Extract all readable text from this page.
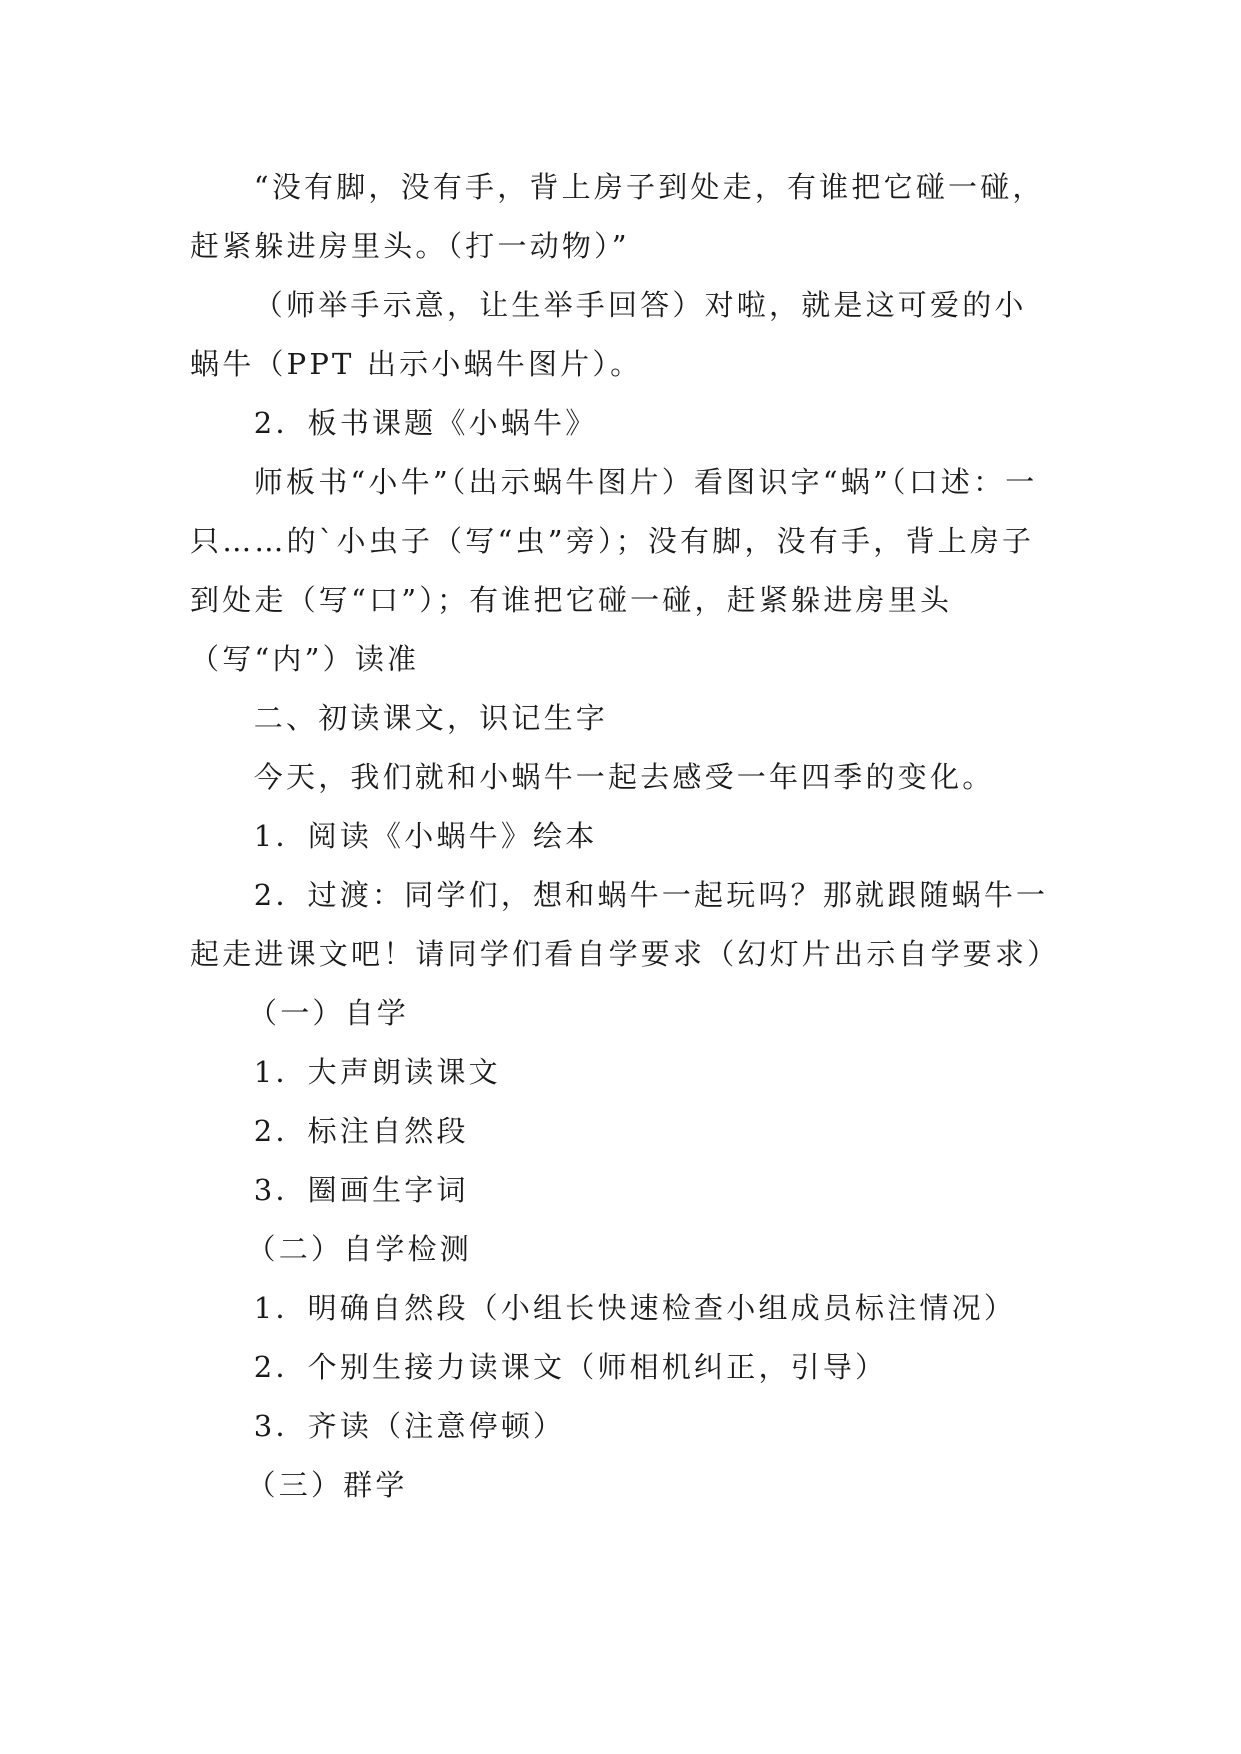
“没有脚，没有手，背上房子到处走，有谁把它碰一碰，赶紧躲进房里头。（打一动物）”

（师举手示意，让生举手回答）对啦，就是这可爱的小蜗牛（PPT 出示小蜗牛图片）。

2．板书课题《小蜗牛》

师板书“小牛”（出示蜗牛图片）看图识字“蜗”（口述：一只……的`小虫子（写“虫”旁）；没有脚，没有手，背上房子到处走（写“口”）；有谁把它碰一碰，赶紧躲进房里头（写“内”）读准

二、初读课文，识记生字

今天，我们就和小蜗牛一起去感受一年四季的变化。

1．阅读《小蜗牛》绘本

2．过渡：同学们，想和蜗牛一起玩吗？那就跟随蜗牛一起走进课文吧！请同学们看自学要求（幻灯片出示自学要求）

（一）自学

1．大声朗读课文

2．标注自然段

3．圈画生字词

（二）自学检测

1．明确自然段（小组长快速检查小组成员标注情况）

2．个别生接力读课文（师相机纠正，引导）

3．齐读（注意停顿）

（三）群学
